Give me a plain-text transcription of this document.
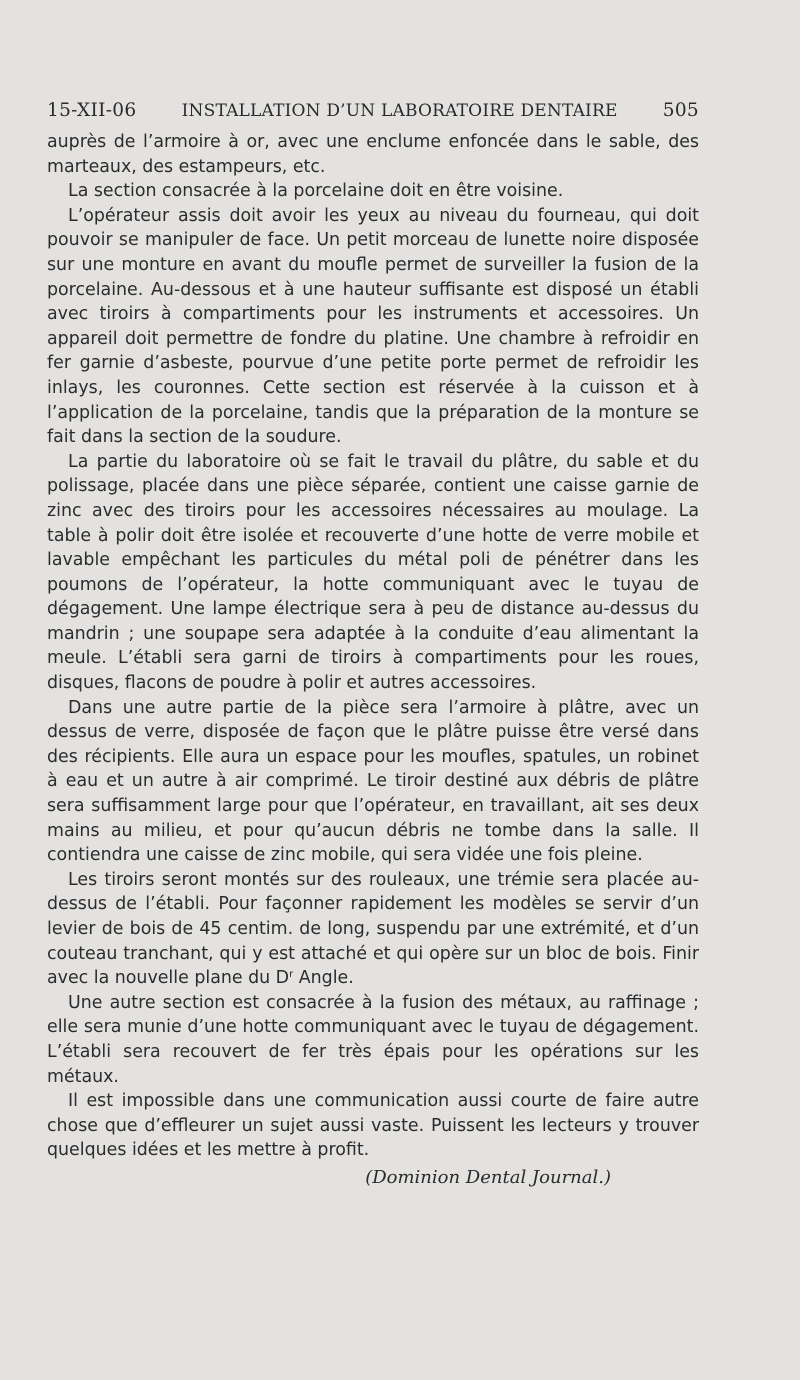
15-XII-06	INSTALLATION D’UN LABORATOIRE DENTAIRE 505

auprès de l’armoire à or, avec une enclume enfoncée dans le sable, des marteaux, des estampeurs, etc.

La section consacrée à la porcelaine doit en être voisine.

L’opérateur assis doit avoir les yeux au niveau du fourneau, qui doit pouvoir se manipuler de face. Un petit morceau de lunette noire disposée sur une monture en avant du moufle permet de surveiller la fusion de la porcelaine. Au-dessous et à une hauteur suffisante est disposé un établi avec tiroirs à compartiments pour les instruments et accessoires. Un appareil doit permettre de fondre du platine. Une chambre à refroidir en fer garnie d’asbeste, pourvue d’une petite porte permet de refroidir les inlays, les couronnes. Cette section est réservée à la cuisson et à l’application de la porcelaine, tandis que la préparation de la monture se fait dans la section de la soudure.

La partie du laboratoire où se fait le travail du plâtre, du sable et du polissage, placée dans une pièce séparée, contient une caisse garnie de zinc avec des tiroirs pour les accessoires nécessaires au moulage. La table à polir doit être isolée et recouverte d’une hotte de verre mobile et lavable empêchant les particules du métal poli de pénétrer dans les poumons de l’opérateur, la hotte communiquant avec le tuyau de dégagement. Une lampe électrique sera à peu de distance au-dessus du mandrin ; une soupape sera adaptée à la conduite d’eau alimentant la meule. L’établi sera garni de tiroirs à compartiments pour les roues, disques, flacons de poudre à polir et autres accessoires.

Dans une autre partie de la pièce sera l’armoire à plâtre, avec un dessus de verre, disposée de façon que le plâtre puisse être versé dans des récipients. Elle aura un espace pour les moufles, spatules, un robinet à eau et un autre à air comprimé. Le tiroir destiné aux débris de plâtre sera suffisamment large pour que l’opérateur, en travaillant, ait ses deux mains au milieu, et pour qu’aucun débris ne tombe dans la salle. Il contiendra une caisse de zinc mobile, qui sera vidée une fois pleine.

Les tiroirs seront montés sur des rouleaux, une trémie sera placée au-dessus de l’établi. Pour façonner rapidement les modèles se servir d’un levier de bois de 45 centim. de long, suspendu par une extrémité, et d’un couteau tranchant, qui y est attaché et qui opère sur un bloc de bois. Finir avec la nouvelle plane du $D^r$ Angle.

Une autre section est consacrée à la fusion des métaux, au raffinage ; elle sera munie d’une hotte communiquant avec le tuyau de dégagement. L’établi sera recouvert de fer très épais pour les opérations sur les métaux.

Il est impossible dans une communication aussi courte de faire autre chose que d’effleurer un sujet aussi vaste. Puissent les lecteurs y trouver quelques idées et les mettre à profit.

(Dominion Dental Journal.)
